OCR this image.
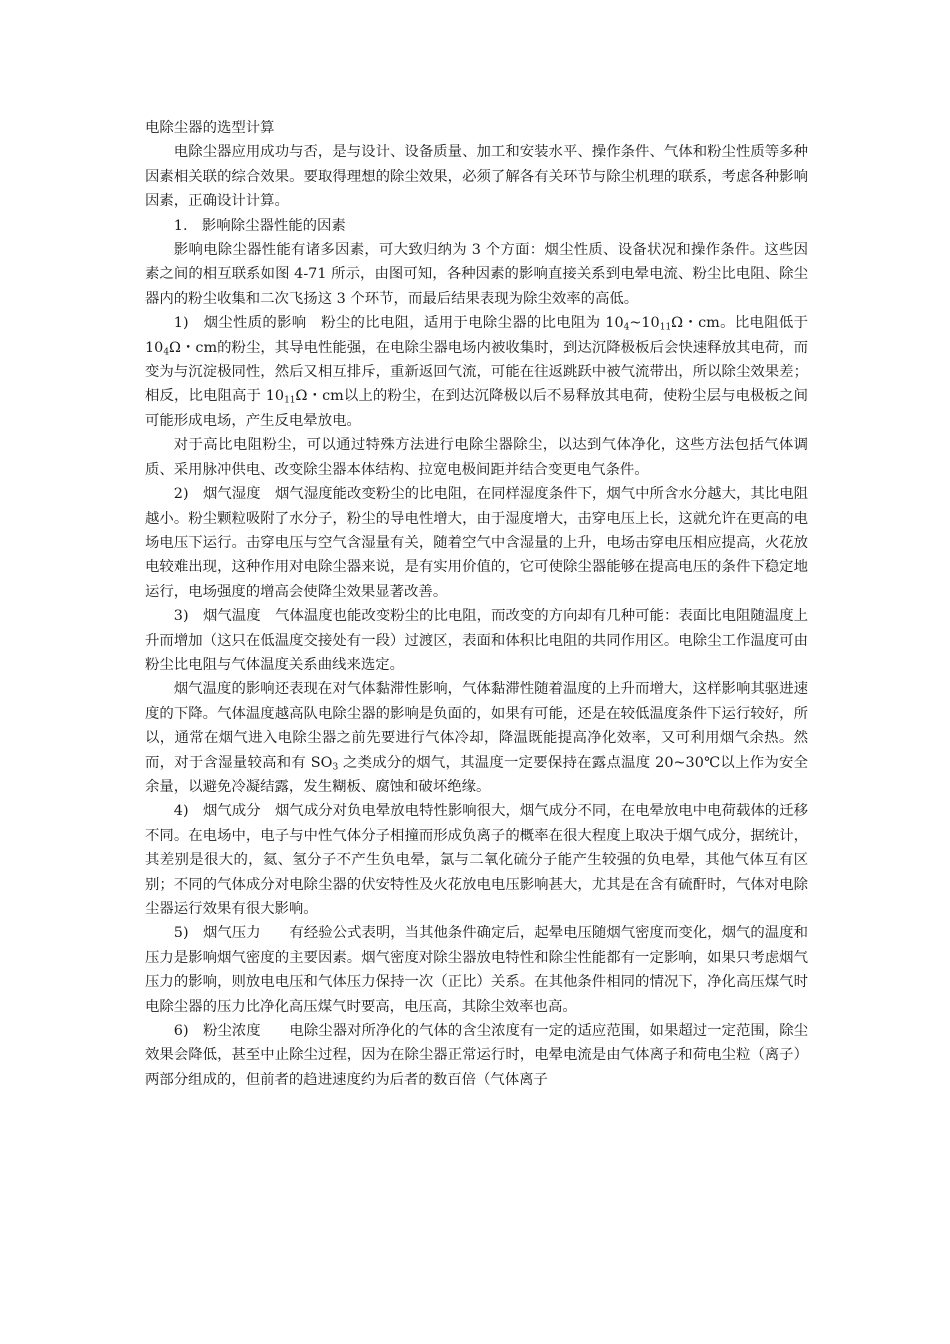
电除尘器的选型计算

电除尘器应用成功与否，是与设计、设备质量、加工和安装水平、操作条件、气体和粉尘性质等多种因素相关联的综合效果。要取得理想的除尘效果，必须了解各有关环节与除尘机理的联系，考虑各种影响因素，正确设计计算。

1.　影响除尘器性能的因素

影响电除尘器性能有诸多因素，可大致归纳为 3 个方面：烟尘性质、设备状况和操作条件。这些因素之间的相互联系如图 4-71 所示，由图可知，各种因素的影响直接关系到电晕电流、粉尘比电阻、除尘器内的粉尘收集和二次飞扬这 3 个环节，而最后结果表现为除尘效率的高低。

1)　烟尘性质的影响　粉尘的比电阻，适用于电除尘器的比电阻为 $10_4\sim 10_{11}\Omega$・cm。比电阻低于 $10_4\Omega$・cm的粉尘，其导电性能强，在电除尘器电场内被收集时，到达沉降极板后会快速释放其电荷，而变为与沉淀极同性，然后又相互排斥，重新返回气流，可能在往返跳跃中被气流带出，所以除尘效果差；相反，比电阻高于 $10_{11}\Omega$・cm以上的粉尘，在到达沉降极以后不易释放其电荷，使粉尘层与电极板之间可能形成电场，产生反电晕放电。

对于高比电阻粉尘，可以通过特殊方法进行电除尘器除尘，以达到气体净化，这些方法包括气体调质、采用脉冲供电、改变除尘器本体结构、拉宽电极间距并结合变更电气条件。

2)　烟气湿度　烟气湿度能改变粉尘的比电阻，在同样湿度条件下，烟气中所含水分越大，其比电阻越小。粉尘颗粒吸附了水分子，粉尘的导电性增大，由于湿度增大，击穿电压上长，这就允许在更高的电场电压下运行。击穿电压与空气含湿量有关，随着空气中含湿量的上升，电场击穿电压相应提高，火花放电较难出现，这种作用对电除尘器来说，是有实用价值的，它可使除尘器能够在提高电压的条件下稳定地运行，电场强度的增高会使降尘效果显著改善。

3)　烟气温度　气体温度也能改变粉尘的比电阻，而改变的方向却有几种可能：表面比电阻随温度上升而增加（这只在低温度交接处有一段）过渡区，表面和体积比电阻的共同作用区。电除尘工作温度可由粉尘比电阻与气体温度关系曲线来选定。

烟气温度的影响还表现在对气体黏滞性影响，气体黏滞性随着温度的上升而增大，这样影响其驱进速度的下降。气体温度越高队电除尘器的影响是负面的，如果有可能，还是在较低温度条件下运行较好，所以，通常在烟气进入电除尘器之前先要进行气体冷却，降温既能提高净化效率，又可利用烟气余热。然而，对于含湿量较高和有 $SO_3$ 之类成分的烟气，其温度一定要保持在露点温度 20~30℃以上作为安全余量，以避免冷凝结露，发生糊板、腐蚀和破坏绝缘。

4)　烟气成分　烟气成分对负电晕放电特性影响很大，烟气成分不同，在电晕放电中电荷载体的迁移不同。在电场中，电子与中性气体分子相撞而形成负离子的概率在很大程度上取决于烟气成分，据统计，其差别是很大的，氦、氢分子不产生负电晕，氯与二氧化硫分子能产生较强的负电晕，其他气体互有区别；不同的气体成分对电除尘器的伏安特性及火花放电电压影响甚大，尤其是在含有硫酐时，气体对电除尘器运行效果有很大影响。

5)　烟气压力　　有经验公式表明，当其他条件确定后，起晕电压随烟气密度而变化，烟气的温度和压力是影响烟气密度的主要因素。烟气密度对除尘器放电特性和除尘性能都有一定影响，如果只考虑烟气压力的影响，则放电电压和气体压力保持一次（正比）关系。在其他条件相同的情况下，净化高压煤气时电除尘器的压力比净化高压煤气时要高，电压高，其除尘效率也高。

6)　粉尘浓度　　电除尘器对所净化的气体的含尘浓度有一定的适应范围，如果超过一定范围，除尘效果会降低，甚至中止除尘过程，因为在除尘器正常运行时，电晕电流是由气体离子和荷电尘粒（离子）两部分组成的，但前者的趋进速度约为后者的数百倍（气体离子
